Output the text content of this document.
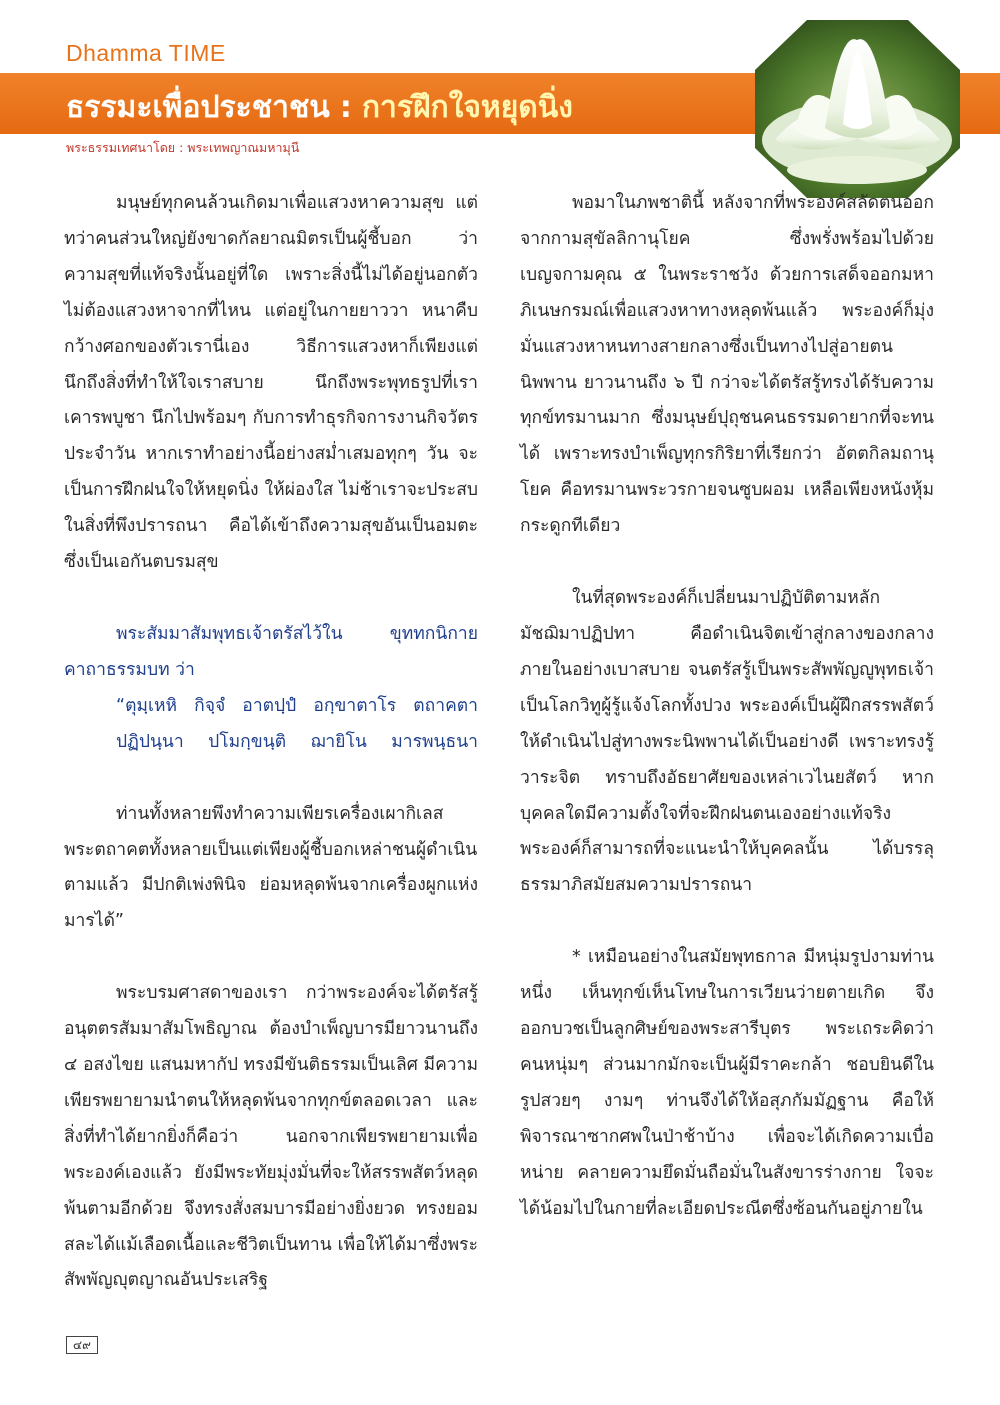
Dhamma TIME
ธรรมะเพื่อประชาชน : การฝึกใจหยุดนิ่ง
พระธรรมเทศนาโดย : พระเทพญาณมหามุนี

มนุษย์ทุกคนล้วนเกิดมาเพื่อแสวงหาความสุข แต่ทว่าคนส่วนใหญ่ยังขาดกัลยาณมิตรเป็นผู้ชี้บอก ว่าความสุขที่แท้จริงนั้นอยู่ที่ใด เพราะสิ่งนี้ไม่ได้อยู่นอกตัว ไม่ต้องแสวงหาจากที่ไหน แต่อยู่ในกายยาววา หนาคืบ กว้างศอกของตัวเรานี่เอง วิธีการแสวงหาก็เพียงแต่นึกถึงสิ่งที่ทำให้ใจเราสบาย นึกถึงพระพุทธรูปที่เราเคารพบูชา นึกไปพร้อมๆ กับการทำธุรกิจการงานกิจวัตรประจำวัน หากเราทำอย่างนี้อย่างสม่ำเสมอทุกๆ วัน จะเป็นการฝึกฝนใจให้หยุดนิ่ง ให้ผ่องใส ไม่ช้าเราจะประสบในสิ่งที่พึงปรารถนา คือได้เข้าถึงความสุขอันเป็นอมตะ ซึ่งเป็นเอกันตบรมสุข

พระสัมมาสัมพุทธเจ้าตรัสไว้ใน ขุททกนิกาย คาถาธรรมบท ว่า

“ตุมฺเหหิ กิจฺจํ อาตปฺปํ อกฺขาตาโร ตถาคตา
ปฏิปนฺนา ปโมกฺขนฺติ ฌายิโน มารพนฺธนา

ท่านทั้งหลายพึงทำความเพียรเครื่องเผากิเลส พระตถาคตทั้งหลายเป็นแต่เพียงผู้ชี้บอกเหล่าชนผู้ดำเนินตามแล้ว มีปกติเพ่งพินิจ ย่อมหลุดพ้นจากเครื่องผูกแห่งมารได้”

พระบรมศาสดาของเรา กว่าพระองค์จะได้ตรัสรู้อนุตตรสัมมาสัมโพธิญาณ ต้องบำเพ็ญบารมียาวนานถึง ๔ อสงไขย แสนมหากัป ทรงมีขันติธรรมเป็นเลิศ มีความเพียรพยายามนำตนให้หลุดพ้นจากทุกข์ตลอดเวลา และสิ่งที่ทำได้ยากยิ่งก็คือว่า นอกจากเพียรพยายามเพื่อพระองค์เองแล้ว ยังมีพระทัยมุ่งมั่นที่จะให้สรรพสัตว์หลุดพ้นตามอีกด้วย จึงทรงสั่งสมบารมีอย่างยิ่งยวด ทรงยอมสละได้แม้เลือดเนื้อและชีวิตเป็นทาน เพื่อให้ได้มาซึ่งพระสัพพัญญุตญาณอันประเสริฐ

พอมาในภพชาตินี้ หลังจากที่พระองค์สลัดตนออกจากกามสุขัลลิกานุโยค ซึ่งพรั่งพร้อมไปด้วยเบญจกามคุณ ๕ ในพระราชวัง ด้วยการเสด็จออกมหาภิเนษกรมณ์เพื่อแสวงหาทางหลุดพ้นแล้ว พระองค์ก็มุ่งมั่นแสวงหาหนทางสายกลางซึ่งเป็นทางไปสู่อายตนนิพพาน ยาวนานถึง ๖ ปี กว่าจะได้ตรัสรู้ทรงได้รับความทุกข์ทรมานมาก ซึ่งมนุษย์ปุถุชนคนธรรมดายากที่จะทนได้ เพราะทรงบำเพ็ญทุกรกิริยาที่เรียกว่า อัตตกิลมถานุโยค คือทรมานพระวรกายจนซูบผอม เหลือเพียงหนังหุ้มกระดูกทีเดียว

ในที่สุดพระองค์ก็เปลี่ยนมาปฏิบัติตามหลักมัชฌิมาปฏิปทา คือดำเนินจิตเข้าสู่กลางของกลางภายในอย่างเบาสบาย จนตรัสรู้เป็นพระสัพพัญญูพุทธเจ้า เป็นโลกวิทูผู้รู้แจ้งโลกทั้งปวง พระองค์เป็นผู้ฝึกสรรพสัตว์ให้ดำเนินไปสู่ทางพระนิพพานได้เป็นอย่างดี เพราะทรงรู้วาระจิต ทราบถึงอัธยาศัยของเหล่าเวไนยสัตว์ หากบุคคลใดมีความตั้งใจที่จะฝึกฝนตนเองอย่างแท้จริง พระองค์ก็สามารถที่จะแนะนำให้บุคคลนั้น ได้บรรลุธรรมาภิสมัยสมความปรารถนา

* เหมือนอย่างในสมัยพุทธกาล มีหนุ่มรูปงามท่านหนึ่ง เห็นทุกข์เห็นโทษในการเวียนว่ายตายเกิด จึงออกบวชเป็นลูกศิษย์ของพระสารีบุตร พระเถระคิดว่า คนหนุ่มๆ ส่วนมากมักจะเป็นผู้มีราคะกล้า ชอบยินดีในรูปสวยๆ งามๆ ท่านจึงได้ให้อสุภกัมมัฏฐาน คือให้พิจารณาซากศพในป่าช้าบ้าง เพื่อจะได้เกิดความเบื่อหน่าย คลายความยึดมั่นถือมั่นในสังขารร่างกาย ใจจะได้น้อมไปในกายที่ละเอียดประณีตซึ่งซ้อนกันอยู่ภายใน

๔๙
